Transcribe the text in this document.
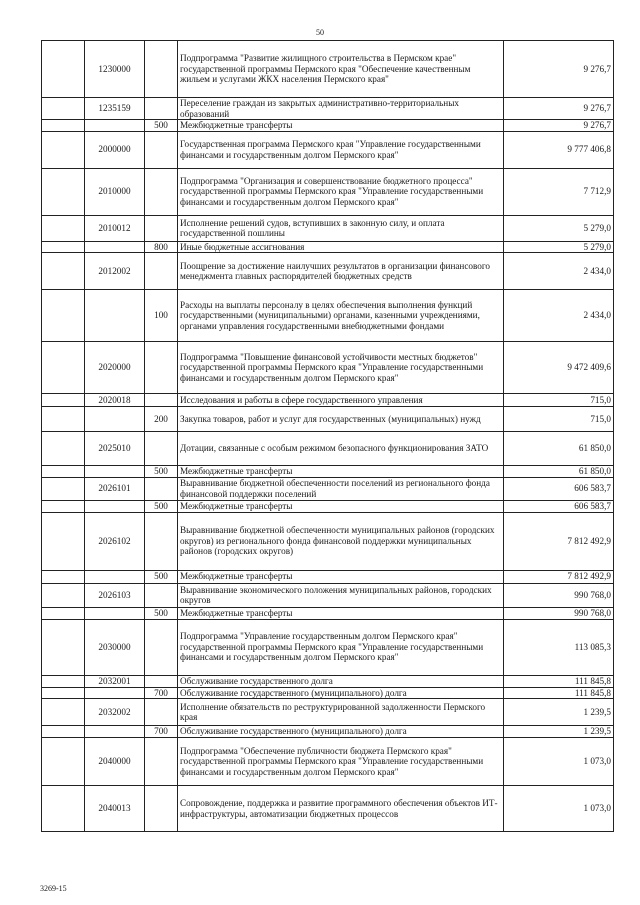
50
	1230000		Подпрограмма "Развитие жилищного строительства в Пермском крае" государственной программы Пермского края "Обеспечение качественным жильем и услугами ЖКХ населения Пермского края"	9 276,7
	1235159		Переселение граждан из закрытых административно-территориальных образований	9 276,7
		500	Межбюджетные трансферты	9 276,7
	2000000		Государственная программа Пермского края "Управление государственными финансами и государственным долгом Пермского края"	9 777 406,8
	2010000		Подпрограмма "Организация и совершенствование бюджетного процесса" государственной программы Пермского края "Управление государственными финансами и государственным долгом Пермского края"	7 712,9
	2010012		Исполнение решений судов, вступивших в законную силу, и оплата государственной пошлины	5 279,0
		800	Иные бюджетные ассигнования	5 279,0
	2012002		Поощрение за достижение наилучших результатов в организации финансового менеджмента главных распорядителей бюджетных средств	2 434,0
		100	Расходы на выплаты персоналу в целях обеспечения выполнения функций государственными (муниципальными) органами, казенными учреждениями, органами управления государственными внебюджетными фондами	2 434,0
	2020000		Подпрограмма "Повышение финансовой устойчивости местных бюджетов" государственной программы Пермского края "Управление государственными финансами и государственным долгом Пермского края"	9 472 409,6
	2020018		Исследования и работы в сфере государственного управления	715,0
		200	Закупка товаров, работ и услуг для государственных (муниципальных) нужд	715,0
	2025010		Дотации, связанные с особым режимом безопасного функционирования ЗАТО	61 850,0
		500	Межбюджетные трансферты	61 850,0
	2026101		Выравнивание бюджетной обеспеченности поселений из регионального фонда финансовой поддержки поселений	606 583,7
		500	Межбюджетные трансферты	606 583,7
	2026102		Выравнивание бюджетной обеспеченности муниципальных районов (городских округов) из регионального фонда финансовой поддержки муниципальных районов (городских округов)	7 812 492,9
		500	Межбюджетные трансферты	7 812 492,9
	2026103		Выравнивание экономического положения муниципальных районов, городских округов	990 768,0
		500	Межбюджетные трансферты	990 768,0
	2030000		Подпрограмма "Управление государственным долгом Пермского края" государственной программы Пермского края "Управление государственными финансами и государственным долгом Пермского края"	113 085,3
	2032001		Обслуживание государственного долга	111 845,8
		700	Обслуживание государственного (муниципального) долга	111 845,8
	2032002		Исполнение обязательств по реструктурированной задолженности Пермского края	1 239,5
		700	Обслуживание государственного (муниципального) долга	1 239,5
	2040000		Подпрограмма "Обеспечение публичности бюджета Пермского края" государственной программы Пермского края "Управление государственными финансами и государственным долгом Пермского края"	1 073,0
	2040013		Сопровождение, поддержка и развитие программного обеспечения объектов ИТ-инфраструктуры, автоматизации бюджетных процессов	1 073,0
3269-15
